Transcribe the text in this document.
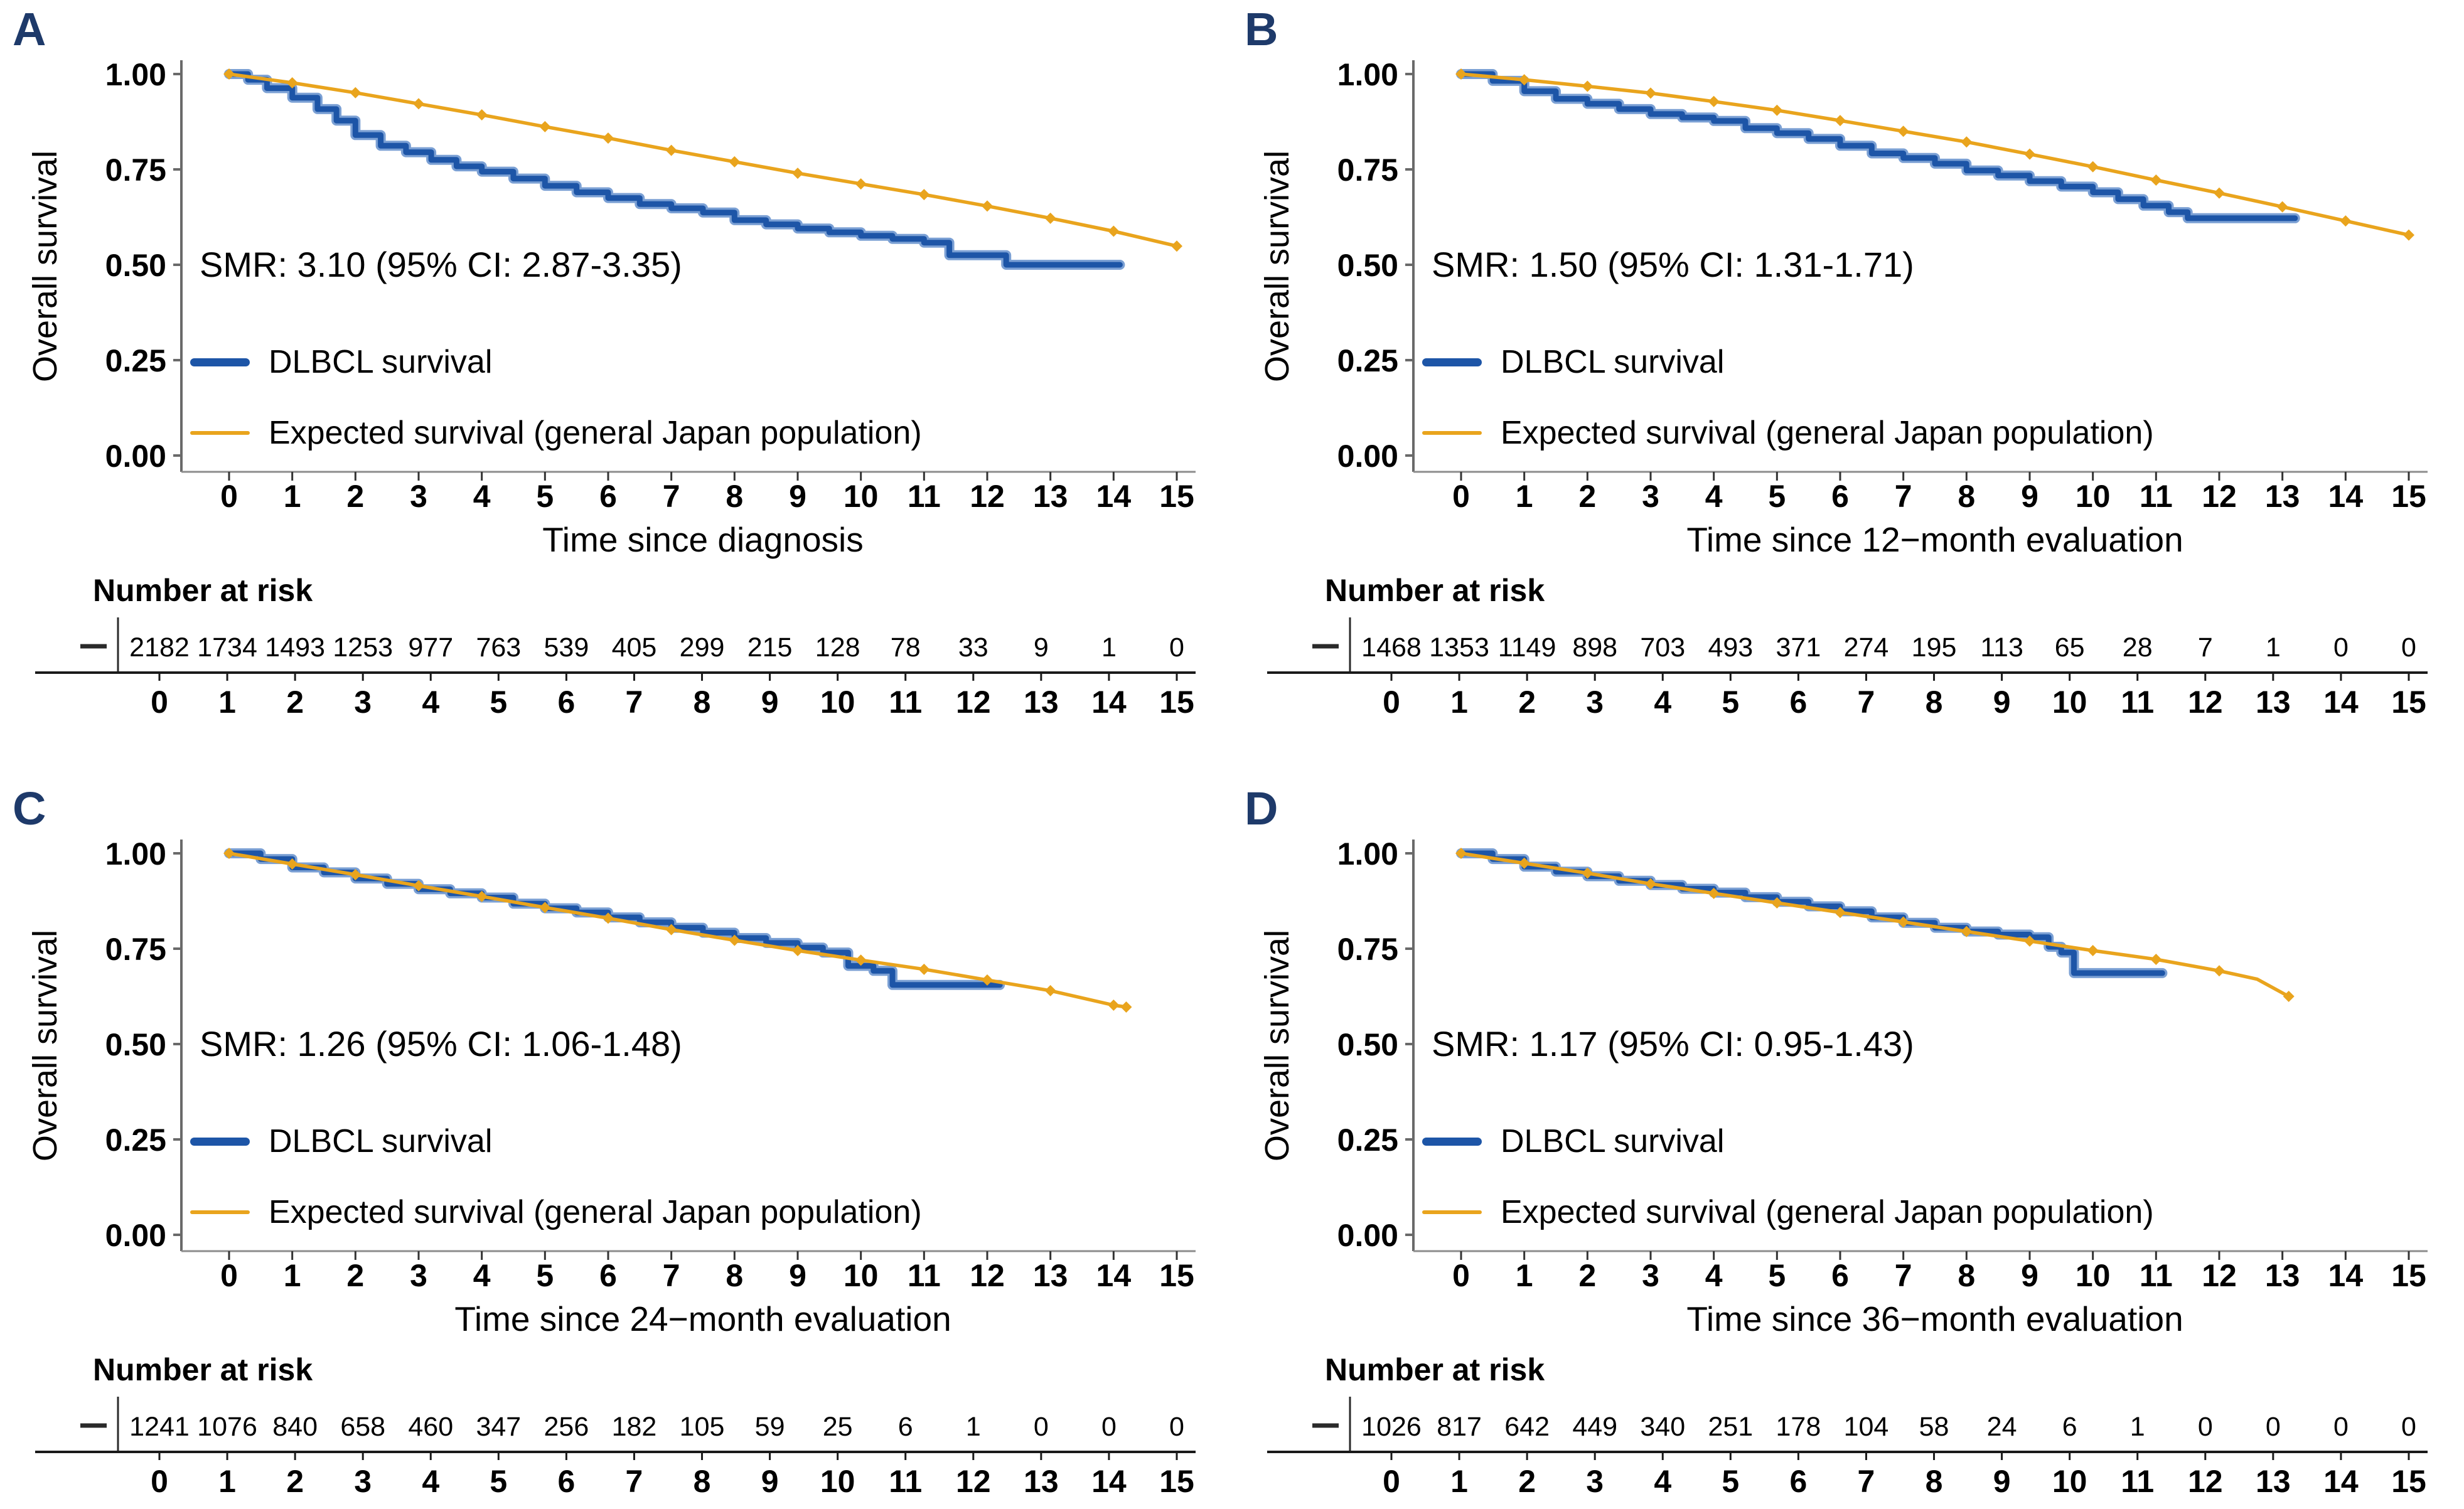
0.00
0.25
0.50
0.75
1.00
0 1 2 3 4 5 6 7 8 9 10 11 12 13 14 15
2182 1734 1493 1253 977 763 539 405 299 215 128 78 33 9 1 0
0 1 2 3 4 5 6 7 8 9 10 11 12 13 14 15
A
Overall survival	SMR: 3.10 (95% CI: 2.87-3.35)
DLBCL survival
Expected survival (general Japan population)
Time since diagnosis
Number at risk
0.00
0.25
0.50
0.75
1.00
0 1 2 3 4 5 6 7 8 9 10 11 12 13 14 15
1468 1353 1149 898 703 493 371 274 195 113 65 28 7 1 0 0
0 1 2 3 4 5 6 7 8 9 10 11 12 13 14 15
B
Overall survival	SMR: 1.50 (95% CI: 1.31-1.71)
DLBCL survival
Expected survival (general Japan population)
Time since 12−month evaluation
Number at risk
0.00
0.25
0.50
0.75
1.00
0 1 2 3 4 5 6 7 8 9 10 11 12 13 14 15
1241 1076 840 658 460 347 256 182 105 59 25 6 1 0 0 0
0 1 2 3 4 5 6 7 8 9 10 11 12 13 14 15
C
Overall survival	SMR: 1.26 (95% CI: 1.06-1.48)
DLBCL survival
Expected survival (general Japan population)
Time since 24−month evaluation
Number at risk
0.00
0.25
0.50
0.75
1.00
0 1 2 3 4 5 6 7 8 9 10 11 12 13 14 15
1026 817 642 449 340 251 178 104 58 24 6 1 0 0 0 0
0 1 2 3 4 5 6 7 8 9 10 11 12 13 14 15
D
Overall survival	SMR: 1.17 (95% CI: 0.95-1.43)
DLBCL survival
Expected survival (general Japan population)
Time since 36−month evaluation
Number at risk
